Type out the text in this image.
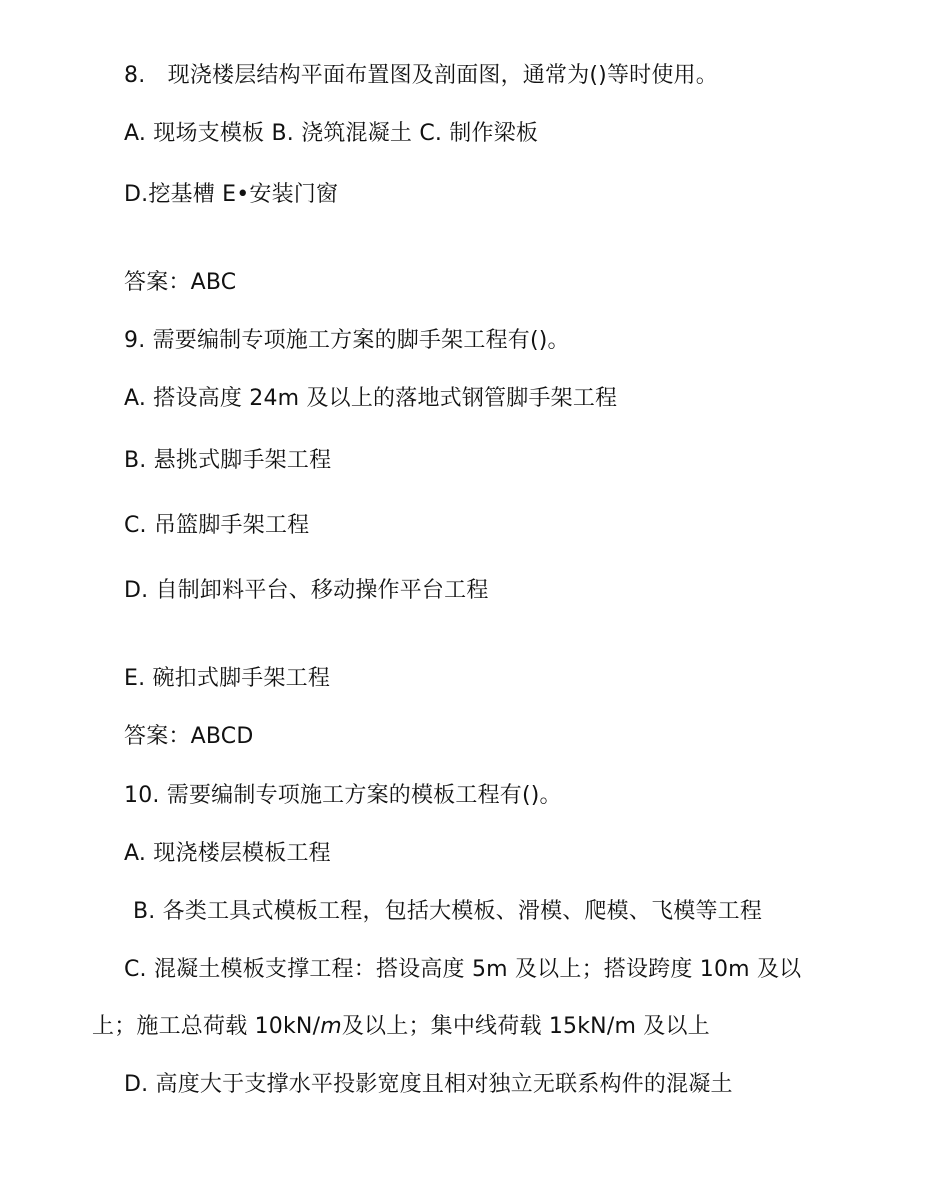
8.　现浇楼层结构平面布置图及剖面图，通常为()等时使用。
A. 现场支模板 B. 浇筑混凝土 C. 制作梁板
D.挖基槽 E•安装门窗
答案：ABC
9. 需要编制专项施工方案的脚手架工程有()。
A. 搭设高度 24m 及以上的落地式钢管脚手架工程
B. 悬挑式脚手架工程
C. 吊篮脚手架工程
D. 自制卸料平台、移动操作平台工程
E. 碗扣式脚手架工程
答案：ABCD
10. 需要编制专项施工方案的模板工程有()。
A. 现浇楼层模板工程
B. 各类工具式模板工程，包括大模板、滑模、爬模、飞模等工程
C. 混凝土模板支撑工程：搭设高度 5m 及以上；搭设跨度 10m 及以
上；施工总荷载 10kN/m及以上；集中线荷载 15kN/m 及以上
D. 高度大于支撑水平投影宽度且相对独立无联系构件的混凝土
